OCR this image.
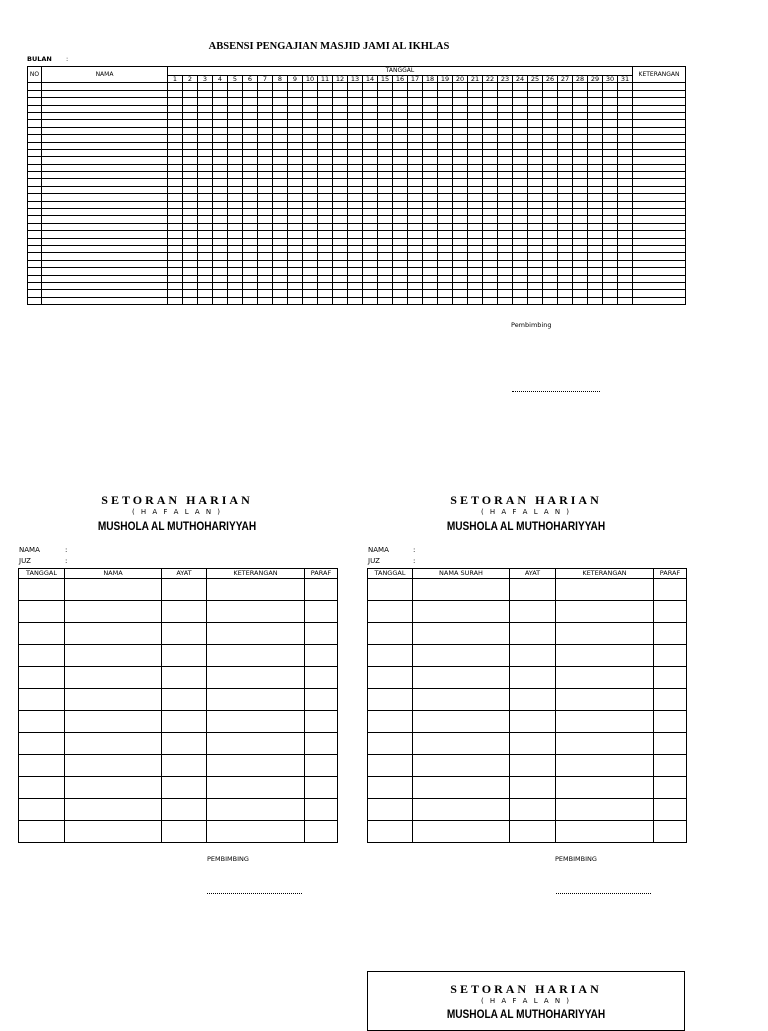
ABSENSI PENGAJIAN MASJID JAMI AL IKHLAS
BULAN :
NO	NAMA	TANGGAL																															KETERANGAN
		1	2	3	4	5	6	7	8	9	10	11	12	13	14	15	16	17	18	19	20	21	22	23	24	25	26	27	28	29	30	31	

Pembimbing
SETORAN HARIAN
( H A F A L A N )
MUSHOLA AL MUTHOHARIYYAH
NAMA	:
JUZ	:
TANGGAL	NAMA	AYAT	KETERANGAN	PARAF

PEMBIMBING
SETORAN HARIAN
( H A F A L A N )
MUSHOLA AL MUTHOHARIYYAH
NAMA	:
JUZ	:
TANGGAL	NAMA SURAH	AYAT	KETERANGAN	PARAF

PEMBIMBING
SETORAN HARIAN
( H A F A L A N )
MUSHOLA AL MUTHOHARIYYAH
